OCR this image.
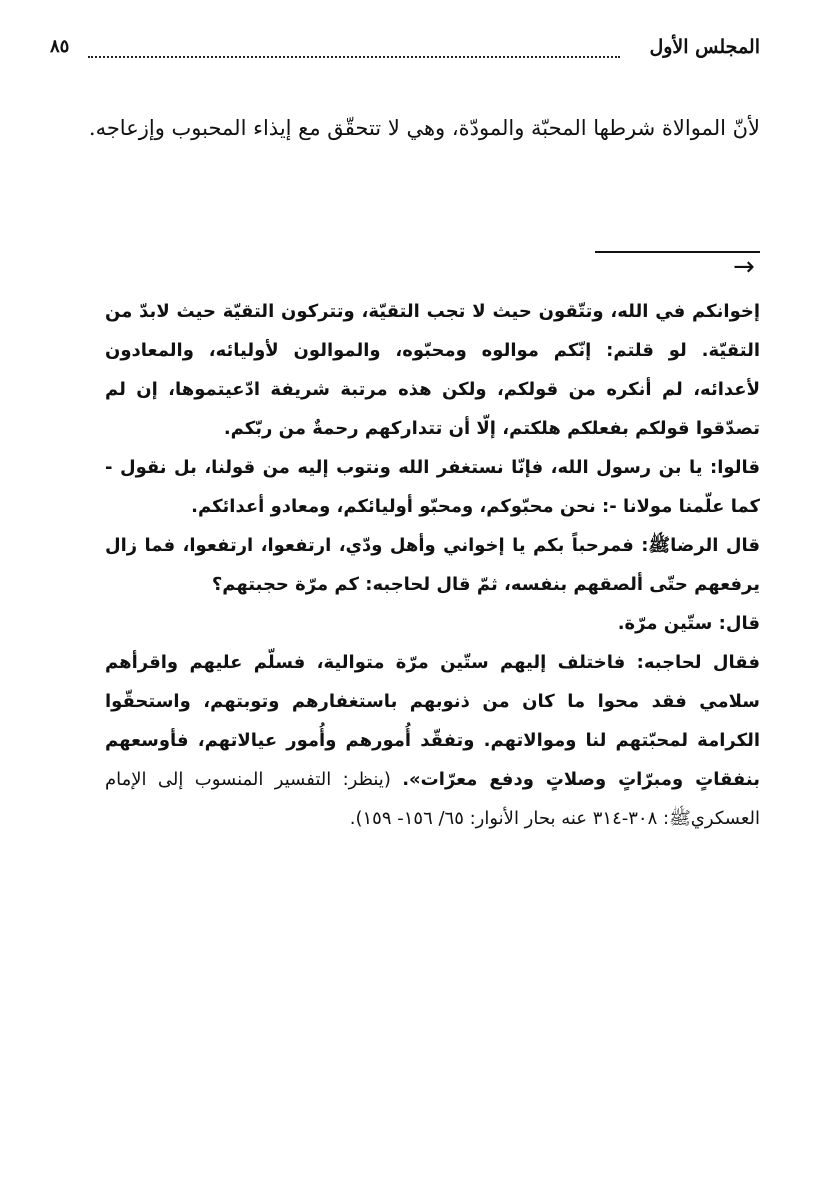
المجلس الأول
٨٥

لأنّ الموالاة شرطها المحبّة والمودّة، وهي لا تتحقّق مع إيذاء المحبوب وإزعاجه.

→

إخوانكم في الله، وتتّقون حيث لا تجب التقيّة، وتتركون التقيّة حيث لابدّ من التقيّة. لو قلتم: إنّكم موالوه ومحبّوه، والموالون لأوليائه، والمعادون لأعدائه، لم أنكره من قولكم، ولكن هذه مرتبة شريفة ادّعيتموها، إن لم تصدّقوا قولكم بفعلكم هلكتم، إلّا أن تتداركهم رحمةٌ من ربّكم.

قالوا: يا بن رسول الله، فإنّا نستغفر الله ونتوب إليه من قولنا، بل نقول - كما علّمنا مولانا -: نحن محبّوكم، ومحبّو أوليائكم، ومعادو أعدائكم.

قال الرضاﷺ: فمرحباً بكم يا إخواني وأهل ودّي، ارتفعوا، ارتفعوا، فما زال يرفعهم حتّى ألصقهم بنفسه، ثمّ قال لحاجبه: كم مرّة حجبتهم؟

قال: ستّين مرّة.

فقال لحاجبه: فاختلف إليهم ستّين مرّة متوالية، فسلّم عليهم واقرأهم سلامي فقد محوا ما كان من ذنوبهم باستغفارهم وتوبتهم، واستحقّوا الكرامة لمحبّتهم لنا وموالاتهم. وتفقّد أُمورهم وأُمور عيالاتهم، فأوسعهم بنفقاتٍ ومبرّاتٍ وصلاتٍ ودفع معرّات». (ينظر: التفسير المنسوب إلى الإمام العسكريﷺ: ٣٠٨-٣١٤ عنه بحار الأنوار: ٦٥/ ١٥٦- ١٥٩).
